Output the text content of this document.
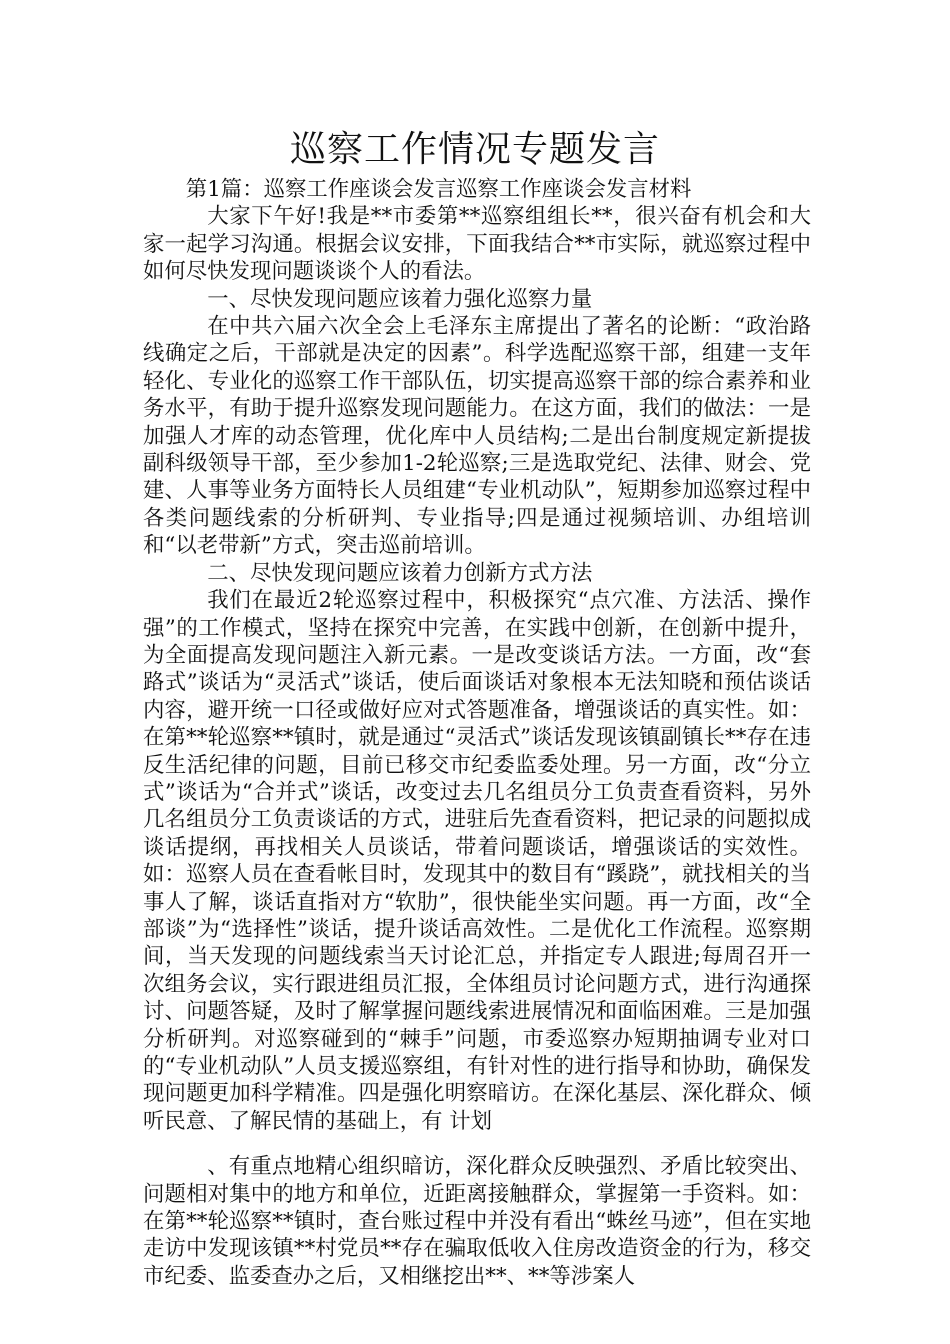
巡察工作情况专题发言

第1篇：巡察工作座谈会发言巡察工作座谈会发言材料

大家下午好!我是**市委第**巡察组组长**，很兴奋有机会和大家一起学习沟通。根据会议安排，下面我结合**市实际，就巡察过程中如何尽快发现问题谈谈个人的看法。

一、尽快发现问题应该着力强化巡察力量

在中共六届六次全会上毛泽东主席提出了著名的论断：“政治路线确定之后，干部就是决定的因素”。科学选配巡察干部，组建一支年轻化、专业化的巡察工作干部队伍，切实提高巡察干部的综合素养和业务水平，有助于提升巡察发现问题能力。在这方面，我们的做法：一是加强人才库的动态管理，优化库中人员结构;二是出台制度规定新提拔副科级领导干部，至少参加1-2轮巡察;三是选取党纪、法律、财会、党建、人事等业务方面特长人员组建“专业机动队”，短期参加巡察过程中各类问题线索的分析研判、专业指导;四是通过视频培训、办组培训和“以老带新”方式，突击巡前培训。

二、尽快发现问题应该着力创新方式方法

我们在最近2轮巡察过程中，积极探究“点穴准、方法活、操作强”的工作模式，坚持在探究中完善，在实践中创新，在创新中提升，为全面提高发现问题注入新元素。一是改变谈话方法。一方面，改“套路式”谈话为“灵活式”谈话，使后面谈话对象根本无法知晓和预估谈话内容，避开统一口径或做好应对式答题准备，增强谈话的真实性。如：在第**轮巡察**镇时，就是通过“灵活式”谈话发现该镇副镇长**存在违反生活纪律的问题，目前已移交市纪委监委处理。另一方面，改“分立式”谈话为“合并式”谈话，改变过去几名组员分工负责查看资料，另外几名组员分工负责谈话的方式，进驻后先查看资料，把记录的问题拟成谈话提纲，再找相关人员谈话，带着问题谈话，增强谈话的实效性。如：巡察人员在查看帐目时，发现其中的数目有“蹊跷”，就找相关的当事人了解，谈话直指对方“软肋”，很快能坐实问题。再一方面，改“全部谈”为“选择性”谈话，提升谈话高效性。二是优化工作流程。巡察期间，当天发现的问题线索当天讨论汇总，并指定专人跟进;每周召开一次组务会议，实行跟进组员汇报，全体组员讨论问题方式，进行沟通探讨、问题答疑，及时了解掌握问题线索进展情况和面临困难。三是加强分析研判。对巡察碰到的“棘手”问题，市委巡察办短期抽调专业对口的“专业机动队”人员支援巡察组，有针对性的进行指导和协助，确保发现问题更加科学精准。四是强化明察暗访。在深化基层、深化群众、倾听民意、了解民情的基础上，有 计划

、有重点地精心组织暗访，深化群众反映强烈、矛盾比较突出、问题相对集中的地方和单位，近距离接触群众，掌握第一手资料。如：在第**轮巡察**镇时，查台账过程中并没有看出“蛛丝马迹”，但在实地走访中发现该镇**村党员**存在骗取低收入住房改造资金的行为，移交市纪委、监委查办之后，又相继挖出**、**等涉案人
